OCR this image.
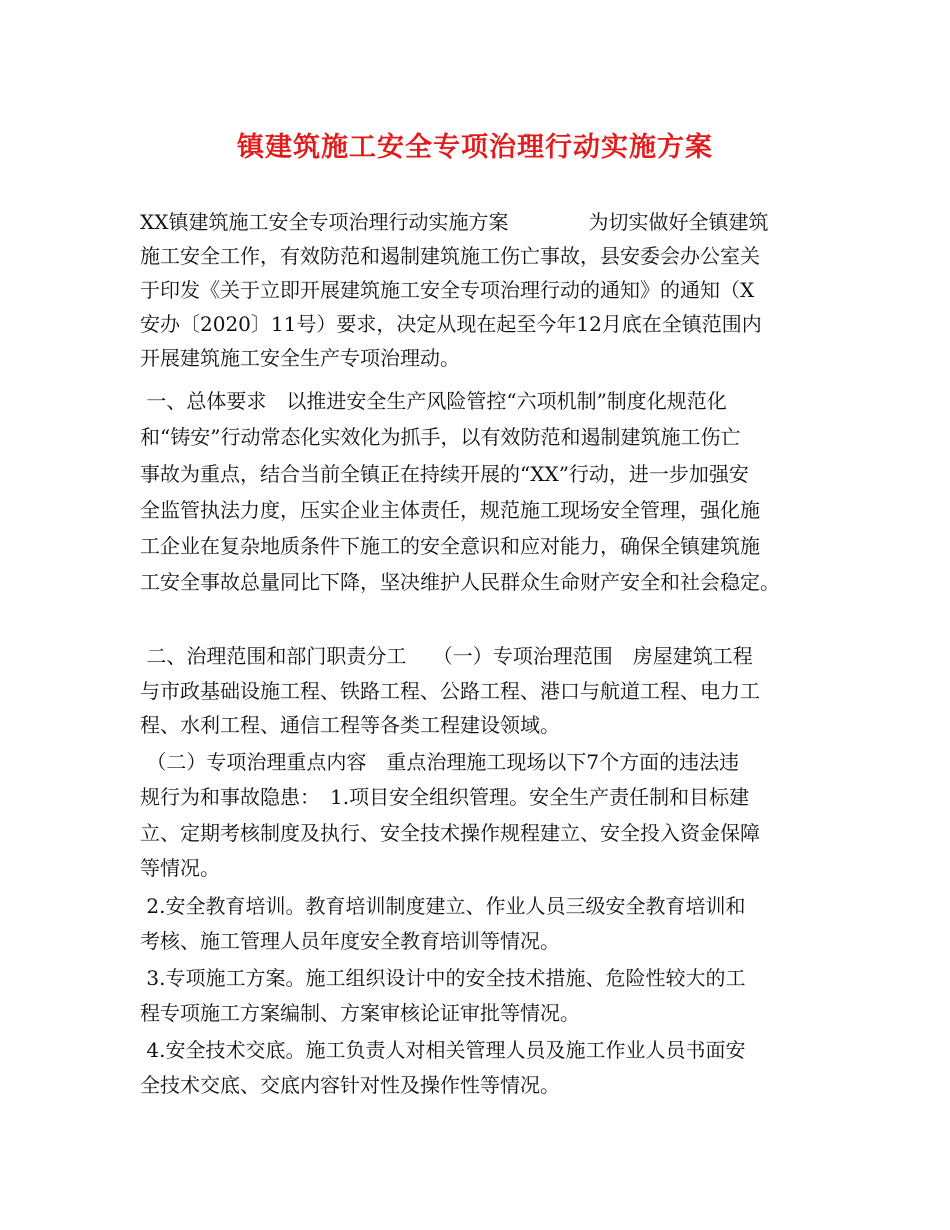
镇建筑施工安全专项治理行动实施方案
XX镇建筑施工安全专项治理行动实施方案　　　　为切实做好全镇建筑
施工安全工作，有效防范和遏制建筑施工伤亡事故，县安委会办公室关
于印发《关于立即开展建筑施工安全专项治理行动的通知》的通知（X
安办〔2020〕11号）要求，决定从现在起至今年12月底在全镇范围内
开展建筑施工安全生产专项治理动。
一、总体要求　以推进安全生产风险管控“六项机制”制度化规范化
和“铸安”行动常态化实效化为抓手，以有效防范和遏制建筑施工伤亡
事故为重点，结合当前全镇正在持续开展的“XX”行动，进一步加强安
全监管执法力度，压实企业主体责任，规范施工现场安全管理，强化施
工企业在复杂地质条件下施工的安全意识和应对能力，确保全镇建筑施
工安全事故总量同比下降，坚决维护人民群众生命财产安全和社会稳定。
二、治理范围和部门职责分工　 （一）专项治理范围　房屋建筑工程
与市政基础设施工程、铁路工程、公路工程、港口与航道工程、电力工
程、水利工程、通信工程等各类工程建设领域。
（二）专项治理重点内容　重点治理施工现场以下7个方面的违法违
规行为和事故隐患：　1.项目安全组织管理。安全生产责任制和目标建
立、定期考核制度及执行、安全技术操作规程建立、安全投入资金保障
等情况。
2.安全教育培训。教育培训制度建立、作业人员三级安全教育培训和
考核、施工管理人员年度安全教育培训等情况。
3.专项施工方案。施工组织设计中的安全技术措施、危险性较大的工
程专项施工方案编制、方案审核论证审批等情况。
4.安全技术交底。施工负责人对相关管理人员及施工作业人员书面安
全技术交底、交底内容针对性及操作性等情况。
